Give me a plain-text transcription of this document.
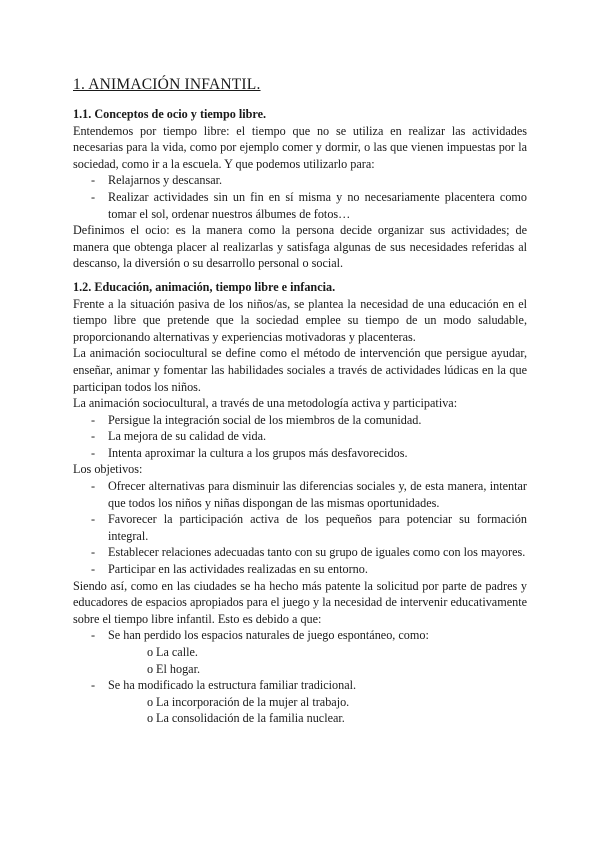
1. ANIMACIÓN INFANTIL.
1.1. Conceptos de ocio y tiempo libre.

Entendemos por tiempo libre: el tiempo que no se utiliza en realizar las actividades necesarias para la vida, como por ejemplo comer y dormir, o las que vienen impuestas por la sociedad, como ir a la escuela. Y que podemos utilizarlo para:

- Relajarnos y descansar.
- Realizar actividades sin un fin en sí misma y no necesariamente placentera como tomar el sol, ordenar nuestros álbumes de fotos…

Definimos el ocio: es la manera como la persona decide organizar sus actividades; de manera que obtenga placer al realizarlas y satisfaga algunas de sus necesidades referidas al descanso, la diversión o su desarrollo personal o social.

1.2. Educación, animación, tiempo libre e infancia.

Frente a la situación pasiva de los niños/as, se plantea la necesidad de una educación en el tiempo libre que pretende que la sociedad emplee su tiempo de un modo saludable, proporcionando alternativas y experiencias motivadoras y placenteras.

La animación sociocultural se define como el método de intervención que persigue ayudar, enseñar, animar y fomentar las habilidades sociales a través de actividades lúdicas en la que participan todos los niños.

La animación sociocultural, a través de una metodología activa y participativa:

- Persigue la integración social de los miembros de la comunidad.
- La mejora de su calidad de vida.
- Intenta aproximar la cultura a los grupos más desfavorecidos.

Los objetivos:

- Ofrecer alternativas para disminuir las diferencias sociales y, de esta manera, intentar que todos los niños y niñas dispongan de las mismas oportunidades.
- Favorecer la participación activa de los pequeños para potenciar su formación integral.
- Establecer relaciones adecuadas tanto con su grupo de iguales como con los mayores.
- Participar en las actividades realizadas en su entorno.

Siendo así, como en las ciudades se ha hecho más patente la solicitud por parte de padres y educadores de espacios apropiados para el juego y la necesidad de intervenir educativamente sobre el tiempo libre infantil. Esto es debido a que:

- Se han perdido los espacios naturales de juego espontáneo, como:
o La calle.
o El hogar.
- Se ha modificado la estructura familiar tradicional.
o La incorporación de la mujer al trabajo.
o La consolidación de la familia nuclear.
